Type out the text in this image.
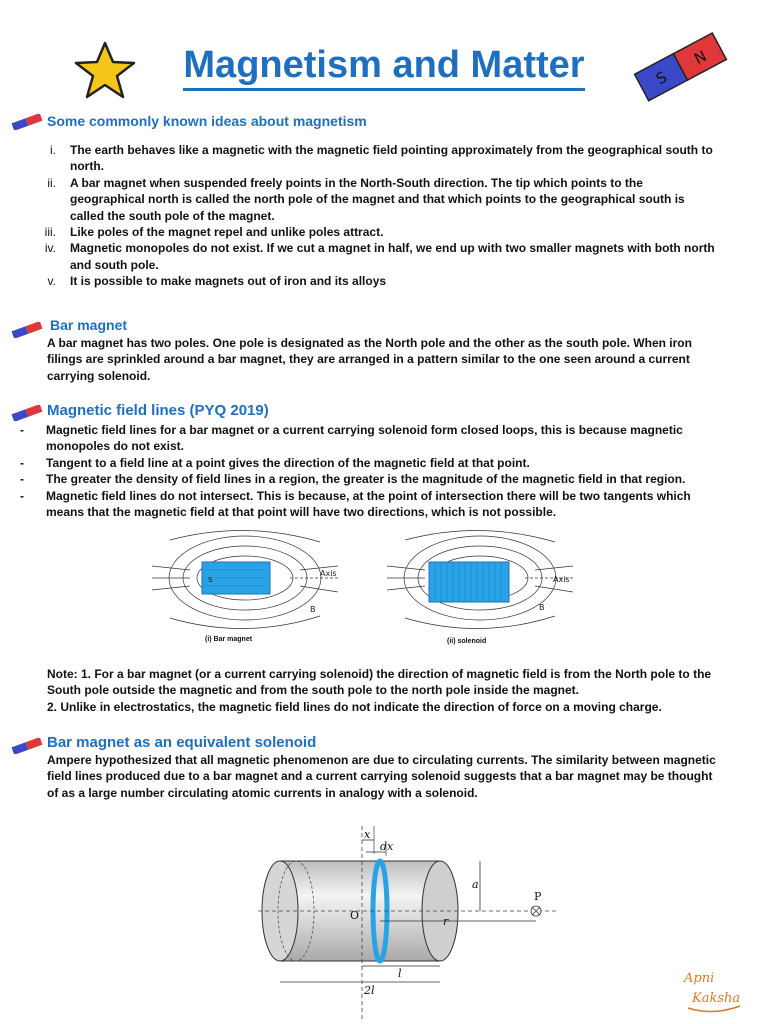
Magnetism and Matter	S
N
Some commonly known ideas about magnetism
i.	The earth behaves like a magnetic with the magnetic field pointing approximately from the geographical south to north.
ii.	A bar magnet when suspended freely points in the North-South direction. The tip which points to the geographical north is called the north pole of the magnet and that which points to the geographical south is called the south pole of the magnet.
iii.	Like poles of the magnet repel and unlike poles attract.
iv.	Magnetic monopoles do not exist. If we cut a magnet in half, we end up with two smaller magnets with both north and south pole.
v.	It is possible to make magnets out of iron and its alloys
Bar magnet
A bar magnet has two poles. One pole is designated as the North pole and the other as the south pole. When iron filings are sprinkled around a bar magnet, they are arranged in a pattern similar to the one seen around a current carrying solenoid.
Magnetic field lines (PYQ 2019)
-	Magnetic field lines for a bar magnet or a current carrying solenoid form closed loops, this is because magnetic monopoles do not exist.
-	Tangent to a field line at a point gives the direction of the magnetic field at that point.
-	The greater the density of field lines in a region, the greater is the magnitude of the magnetic field in that region.
-	Magnetic field lines do not intersect. This is because, at the point of intersection there will be two tangents which means that the magnetic field at that point will have two directions, which is not possible.
S
Axis
B
(i) Bar magnet
Axis
B
(ii) solenoid
Note: 1. For a bar magnet (or a current carrying solenoid) the direction of magnetic field is from the North pole to the South pole outside the magnetic and from the south pole to the north pole inside the magnet.
2. Unlike in electrostatics, the magnetic field lines do not indicate the direction of force on a moving charge.
Bar magnet as an equivalent solenoid
Ampere hypothesized that all magnetic phenomenon are due to circulating currents. The similarity between magnetic field lines produced due to a bar magnet and a current carrying solenoid suggests that a bar magnet may be thought of as a large number circulating atomic currents in analogy with a solenoid.
x
dx
a
r
l
2l
O
P
Apni
Kaksha
